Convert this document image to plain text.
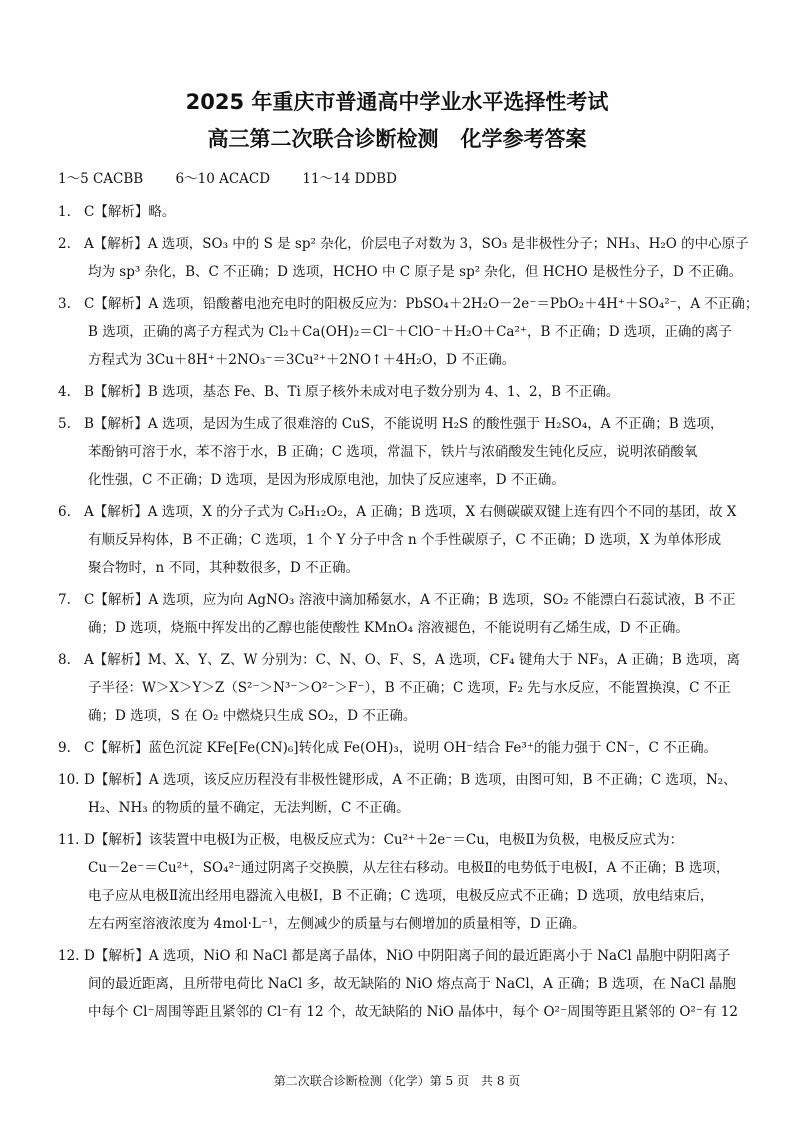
2025 年重庆市普通高中学业水平选择性考试
高三第二次联合诊断检测 化学参考答案
1～5 CACBB 6～10 ACACD 11～14 DDBD
1. C【解析】略。
2. A【解析】A 选项，SO₃ 中的 S 是 sp² 杂化，价层电子对数为 3，SO₃ 是非极性分子；NH₃、H₂O 的中心原子
均为 sp³ 杂化，B、C 不正确；D 选项，HCHO 中 C 原子是 sp² 杂化，但 HCHO 是极性分子，D 不正确。
3. C【解析】A 选项，铅酸蓄电池充电时的阳极反应为：PbSO₄＋2H₂O－2e⁻＝PbO₂＋4H⁺＋SO₄²⁻，A 不正确；
B 选项，正确的离子方程式为 Cl₂＋Ca(OH)₂＝Cl⁻＋ClO⁻＋H₂O＋Ca²⁺，B 不正确；D 选项，正确的离子
方程式为 3Cu＋8H⁺＋2NO₃⁻＝3Cu²⁺＋2NO↑＋4H₂O，D 不正确。
4. B【解析】B 选项，基态 Fe、B、Ti 原子核外未成对电子数分别为 4、1、2，B 不正确。
5. B【解析】A 选项，是因为生成了很难溶的 CuS，不能说明 H₂S 的酸性强于 H₂SO₄，A 不正确；B 选项，
苯酚钠可溶于水，苯不溶于水，B 正确；C 选项，常温下，铁片与浓硝酸发生钝化反应，说明浓硝酸氧
化性强，C 不正确；D 选项，是因为形成原电池，加快了反应速率，D 不正确。
6. A【解析】A 选项，X 的分子式为 C₉H₁₂O₂，A 正确；B 选项，X 右侧碳碳双键上连有四个不同的基团，故 X
有顺反异构体，B 不正确；C 选项，1 个 Y 分子中含 n 个手性碳原子，C 不正确；D 选项，X 为单体形成
聚合物时，n 不同，其种数很多，D 不正确。
7. C【解析】A 选项，应为向 AgNO₃ 溶液中滴加稀氨水，A 不正确；B 选项，SO₂ 不能漂白石蕊试液，B 不正
确；D 选项，烧瓶中挥发出的乙醇也能使酸性 KMnO₄ 溶液褪色，不能说明有乙烯生成，D 不正确。
8. A【解析】M、X、Y、Z、W 分别为：C、N、O、F、S，A 选项，CF₄ 键角大于 NF₃，A 正确；B 选项，离
子半径：W＞X＞Y＞Z（S²⁻＞N³⁻＞O²⁻＞F⁻），B 不正确；C 选项，F₂ 先与水反应，不能置换溴，C 不正
确；D 选项，S 在 O₂ 中燃烧只生成 SO₂，D 不正确。
9. C【解析】蓝色沉淀 KFe[Fe(CN)₆]转化成 Fe(OH)₃，说明 OH⁻结合 Fe³⁺的能力强于 CN⁻，C 不正确。
10. D【解析】A 选项，该反应历程没有非极性键形成，A 不正确；B 选项，由图可知，B 不正确；C 选项，N₂、
H₂、NH₃ 的物质的量不确定，无法判断，C 不正确。
11. D【解析】该装置中电极Ⅰ为正极，电极反应式为：Cu²⁺＋2e⁻＝Cu，电极Ⅱ为负极，电极反应式为：
Cu－2e⁻＝Cu²⁺，SO₄²⁻通过阴离子交换膜，从左往右移动。电极Ⅱ的电势低于电极Ⅰ，A 不正确；B 选项，
电子应从电极Ⅱ流出经用电器流入电极Ⅰ，B 不正确；C 选项，电极反应式不正确；D 选项，放电结束后，
左右两室溶液浓度为 4mol·L⁻¹，左侧减少的质量与右侧增加的质量相等，D 正确。
12. D【解析】A 选项，NiO 和 NaCl 都是离子晶体，NiO 中阴阳离子间的最近距离小于 NaCl 晶胞中阴阳离子
间的最近距离，且所带电荷比 NaCl 多，故无缺陷的 NiO 熔点高于 NaCl，A 正确；B 选项，在 NaCl 晶胞
中每个 Cl⁻周围等距且紧邻的 Cl⁻有 12 个，故无缺陷的 NiO 晶体中，每个 O²⁻周围等距且紧邻的 O²⁻有 12
第二次联合诊断检测（化学）第 5 页　共 8 页
